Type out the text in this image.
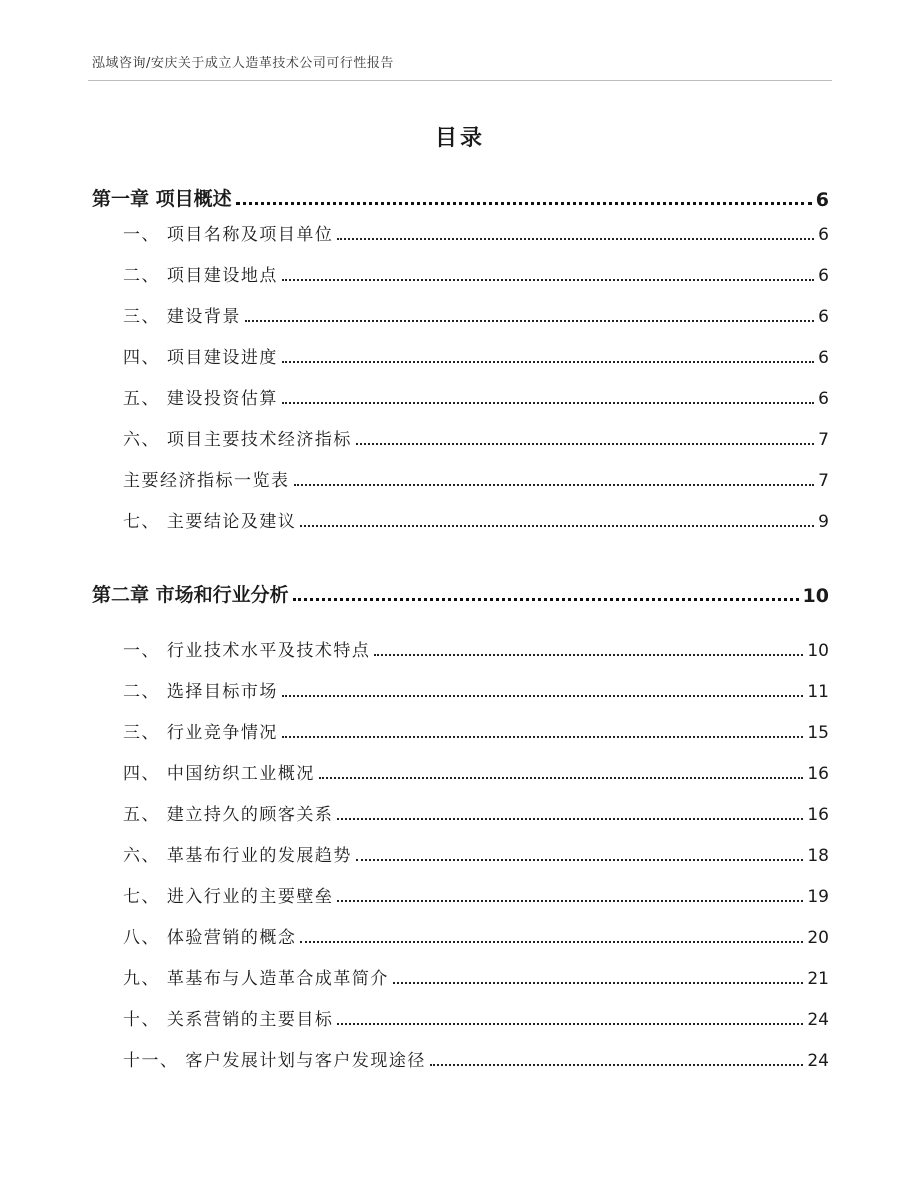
泓域咨询/安庆关于成立人造革技术公司可行性报告
目录
第一章 项目概述	6
一、 项目名称及项目单位	6
二、 项目建设地点	6
三、 建设背景	6
四、 项目建设进度	6
五、 建设投资估算	6
六、 项目主要技术经济指标	7
主要经济指标一览表	7
七、 主要结论及建议	9
第二章 市场和行业分析	10
一、 行业技术水平及技术特点	10
二、 选择目标市场	11
三、 行业竞争情况	15
四、 中国纺织工业概况	16
五、 建立持久的顾客关系	16
六、 革基布行业的发展趋势	18
七、 进入行业的主要壁垒	19
八、 体验营销的概念	20
九、 革基布与人造革合成革简介	21
十、 关系营销的主要目标	24
十一、 客户发展计划与客户发现途径	24
